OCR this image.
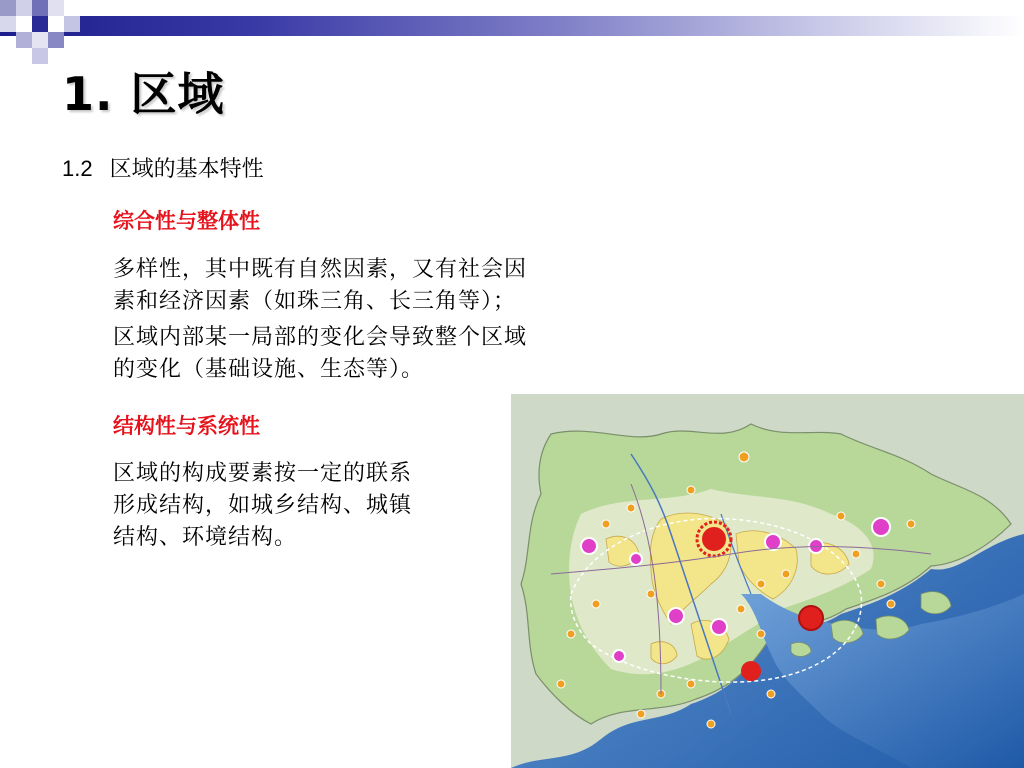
1. 区域
1.2 区域的基本特性
综合性与整体性
多样性，其中既有自然因素，又有社会因
素和经济因素（如珠三角、长三角等）；
区域内部某一局部的变化会导致整个区域
的变化（基础设施、生态等）。
结构性与系统性
区域的构成要素按一定的联系
形成结构，如城乡结构、城镇
结构、环境结构。
